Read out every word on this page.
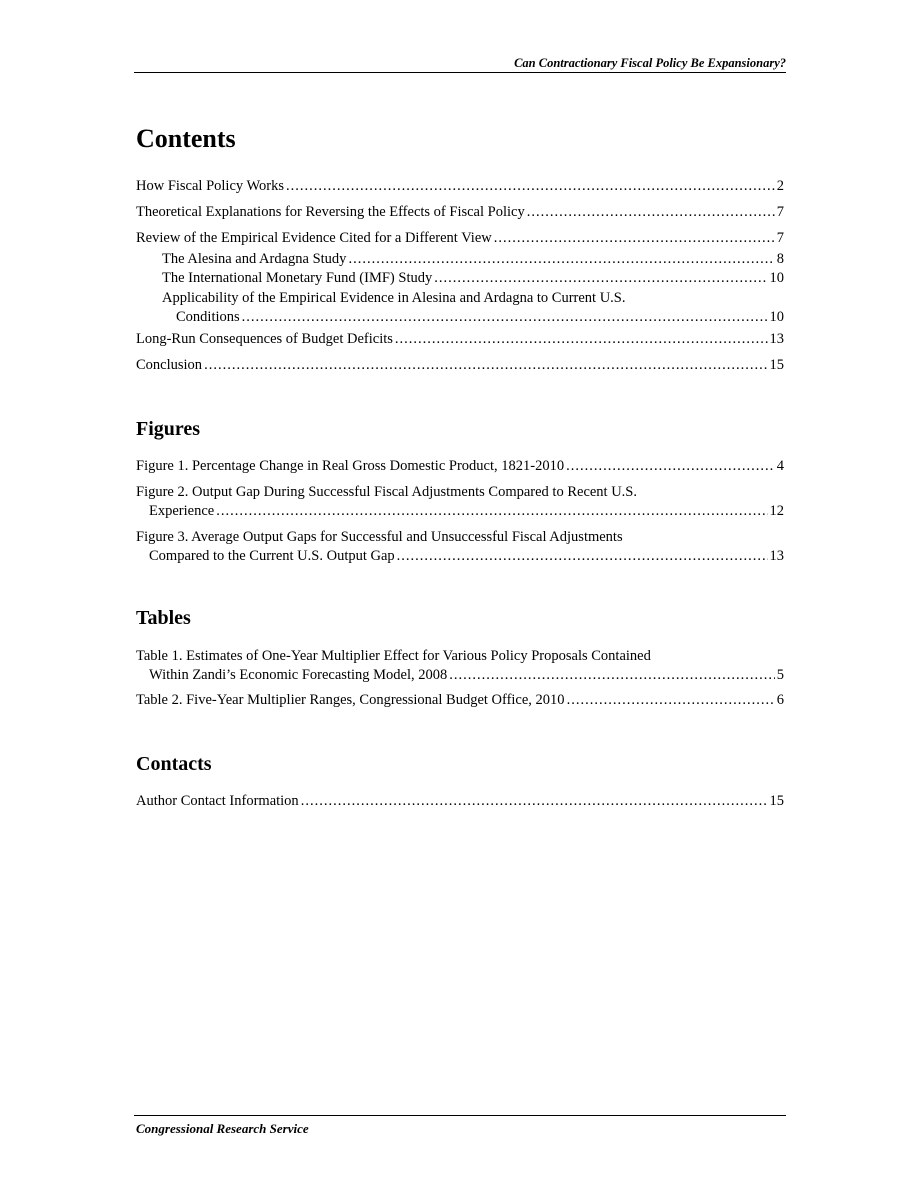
Can Contractionary Fiscal Policy Be Expansionary?
Contents
How Fiscal Policy Works .....	2
Theoretical Explanations for Reversing the Effects of Fiscal Policy .....	7
Review of the Empirical Evidence Cited for a Different View .....	7
The Alesina and Ardagna Study .....	8
The International Monetary Fund (IMF) Study .....	10
Applicability of the Empirical Evidence in Alesina and Ardagna to Current U.S.
Conditions .....	10
Long-Run Consequences of Budget Deficits .....	13
Conclusion .....	15
Figures
Figure 1. Percentage Change in Real Gross Domestic Product, 1821-2010 .....	4
Figure 2. Output Gap During Successful Fiscal Adjustments Compared to Recent U.S.
Experience .....	12
Figure 3. Average Output Gaps for Successful and Unsuccessful Fiscal Adjustments
Compared to the Current U.S. Output Gap .....	13
Tables
Table 1. Estimates of One-Year Multiplier Effect for Various Policy Proposals Contained
Within Zandi’s Economic Forecasting Model, 2008 .....	5
Table 2. Five-Year Multiplier Ranges, Congressional Budget Office, 2010 .....	6
Contacts
Author Contact Information .....	15
Congressional Research Service
